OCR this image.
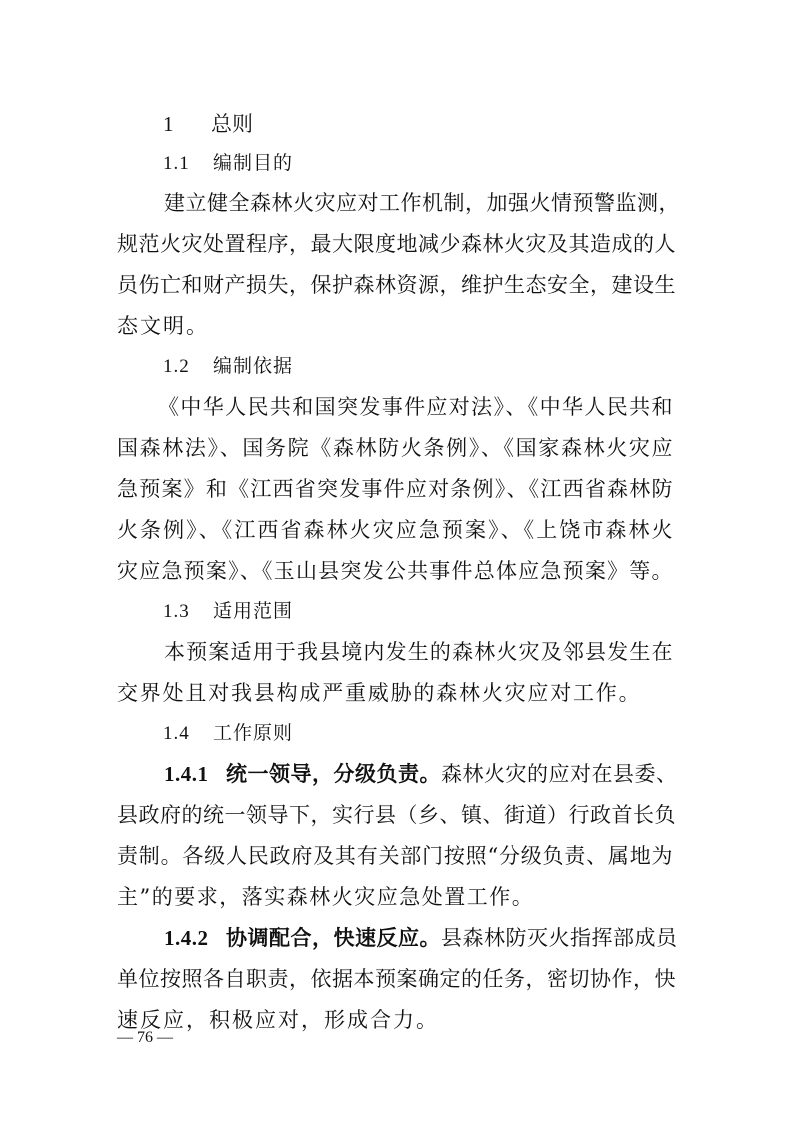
1 总则
1.1 编制目的
建立健全森林火灾应对工作机制，加强火情预警监测，
规范火灾处置程序，最大限度地减少森林火灾及其造成的人
员伤亡和财产损失，保护森林资源，维护生态安全，建设生
态文明。
1.2 编制依据
《中华人民共和国突发事件应对法》、《中华人民共和
国森林法》、国务院《森林防火条例》、《国家森林火灾应
急预案》和《江西省突发事件应对条例》、《江西省森林防
火条例》、《江西省森林火灾应急预案》、《上饶市森林火
灾应急预案》、《玉山县突发公共事件总体应急预案》等。
1.3 适用范围
本预案适用于我县境内发生的森林火灾及邻县发生在
交界处且对我县构成严重威胁的森林火灾应对工作。
1.4 工作原则
1.4.1 统一领导，分级负责。森林火灾的应对在县委、
县政府的统一领导下，实行县（乡、镇、街道）行政首长负
责制。各级人民政府及其有关部门按照“分级负责、属地为
主”的要求，落实森林火灾应急处置工作。
1.4.2 协调配合，快速反应。县森林防灭火指挥部成员
单位按照各自职责，依据本预案确定的任务，密切协作，快
速反应，积极应对，形成合力。
— 76 —
